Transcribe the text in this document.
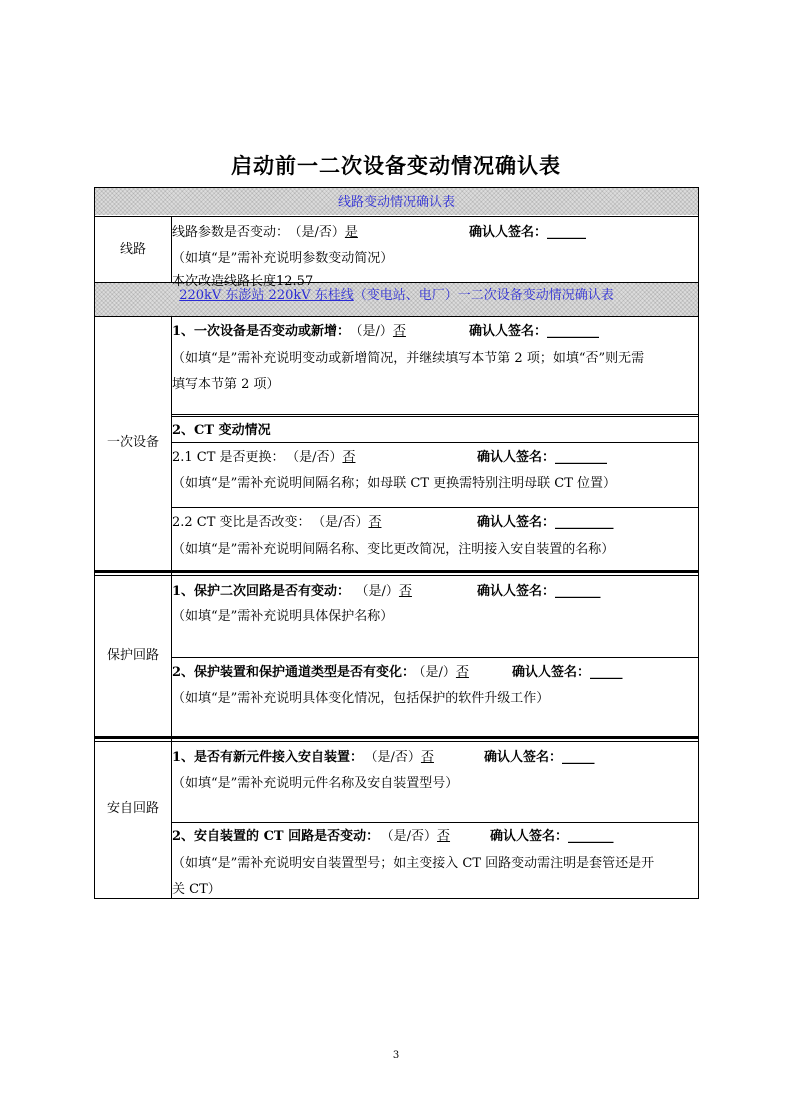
启动前一二次设备变动情况确认表
线路变动情况确认表
220kV 东澎站 220kV 东桂线（变电站、电厂）一二次设备变动情况确认表
线路
线路参数是否变动： （是/否）是	确认人签名：______
（如填“是”需补充说明参数变动简况）
本次改造线路长度12.57
一次设备
1、一次设备是否变动或新增： （是/）否	确认人签名：________
（如填“是”需补充说明变动或新增简况，并继续填写本节第 2 项；如填“否”则无需
填写本节第 2 项）
2、CT 变动情况
2.1 CT 是否更换： （是/否）否	确认人签名：________
（如填“是”需补充说明间隔名称；如母联 CT 更换需特别注明母联 CT 位置）
2.2 CT 变比是否改变： （是/否）否	确认人签名：_________
（如填“是”需补充说明间隔名称、变比更改简况，注明接入安自装置的名称）
保护回路
1、保护二次回路是否有变动： （是/）否	确认人签名：_______
（如填“是”需补充说明具体保护名称）
2、保护装置和保护通道类型是否有变化： （是/）否	确认人签名：_____
（如填“是”需补充说明具体变化情况，包括保护的软件升级工作）
安自回路
1、是否有新元件接入安自装置： （是/否）否	确认人签名：_____
（如填“是”需补充说明元件名称及安自装置型号）
2、安自装置的 CT 回路是否变动： （是/否）否	确认人签名：_______
（如填“是”需补充说明安自装置型号；如主变接入 CT 回路变动需注明是套管还是开
关 CT）
3
